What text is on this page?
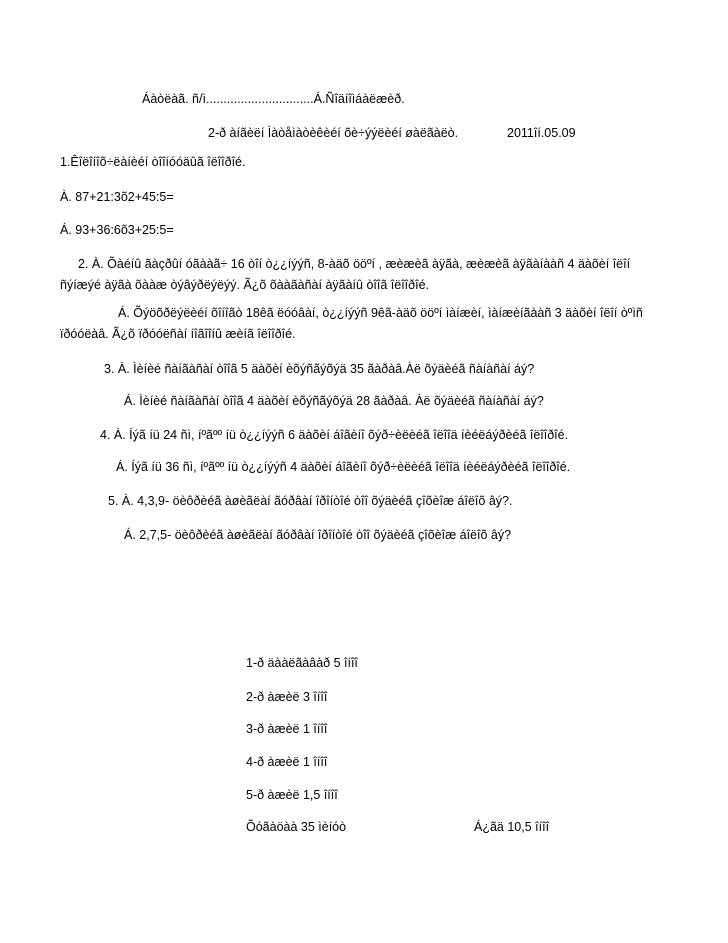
Áàòëàã. ñ/ì...............................Á.Ñîäíîìáàëæèð.
2-ð àíãèëí Ìàòåìàòèêèéí õè÷ýýëèéí øàëãàëò.	2011îí.05.09
1.Êîëîíîõ÷ëàíèéí òîîíóóäûã îëîîðîé.
À. 87+21:3õ2+45:5=
Á. 93+36:6õ3+25:5=
2. À. Õàéíû ãàçðûí óãààã÷ 16 òîí ò¿¿íýýñ, 8-àäõ ööºí , æèæèã àÿãà, æèæèã àÿãàíààñ 4 äàõèí îëîí
ñýíæýé àÿãà õààæ òýâýðëýëýý. Ã¿õ õààãàñàí àÿãàíû òîîã îëîîðîé.
Á. Õýöõðëýëèéí õîíîãò 18êã ëóóâàí, ò¿¿íýýñ 9êã-àäõ ööºí ìàíæèí, ìàíæèíãààñ 3 äàõèí îëîí òºìñ
ïðóóëàâ. Ã¿õ ïðóóëñàí íîãîîíû æèíã îëîîðîé.
3. À. Ìèíèé ñàíãàñàí òîîã 5 äàõèí èõýñãýõýä 35 ãàðàâ.Àë õýäèéã ñàíàñàí áý?
Á. Ìèíèé ñàíãàñàí òîîã 4 äàõèí èõýñãýõýä 28 ãàðàâ. Àë õýäèéã ñàíàñàí áý?
4. À. Íýã íü 24 ñì, íºãºº íü ò¿¿íýýñ 6 äàõèí áîãèíî õýð÷èëèéã îëîîä íèéëáýðèéã îëîîðîé.
Á. Íýã íü 36 ñì, íºãºº íü ò¿¿íýýñ 4 äàõèí áîãèíî õýð÷èëèéã îëîîä íèéëáýðèéã îëîîðîé.
5. À. 4,3,9- öèôðèéã àøèãëàí ãóðâàí îðîíòîé òîî õýäèéã çîõèîæ áîëîõ âý?.
Á. 2,7,5- öèôðèéã àøèãëàí ãóðâàí îðîíòîé òîî õýäèéã çîõèîæ áîëîõ âý?
1-ð äààëãàâàð 5 îíîî
2-ð àæèë 3 îíîî
3-ð àæèë 1 îíîî
4-ð àæèë 1 îíîî
5-ð àæèë 1,5 îíîî
Õóãàöàà 35 ìèíóò	Á¿ãä 10,5 îíîî
